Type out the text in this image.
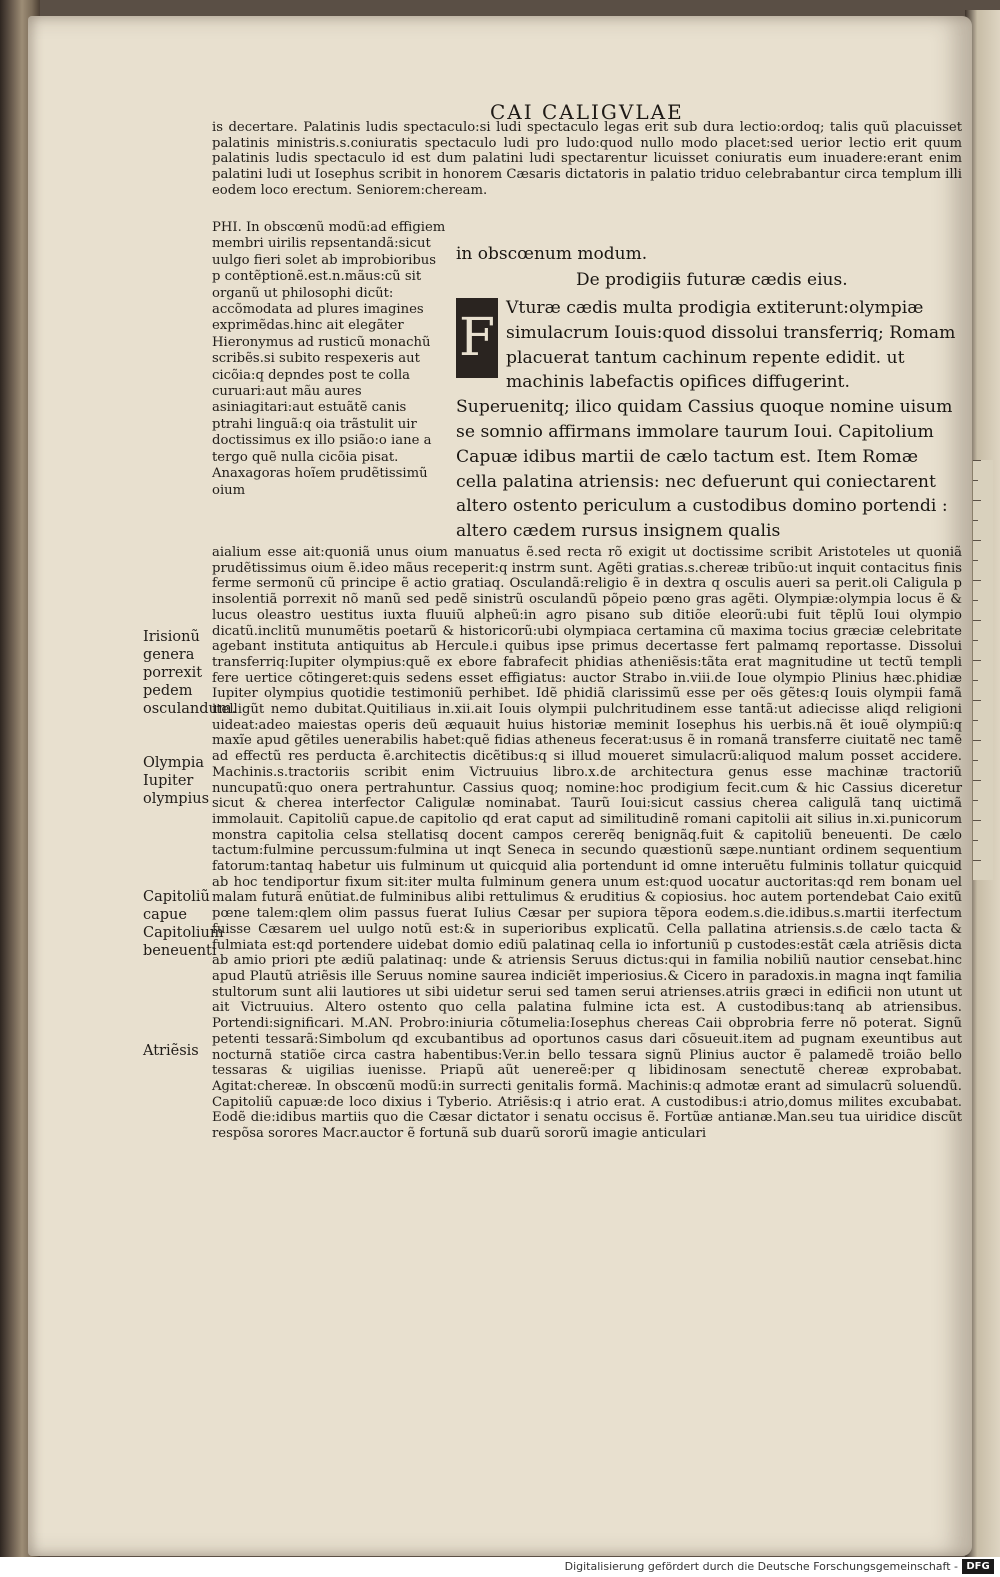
CAI CALIGVLAE

is decertare. Palatinis ludis spectaculo:si ludi spectaculo legas erit sub dura lectio:ordoq; talis quũ placuisset palatinis ministris.s.coniuratis spectaculo ludi pro ludo:quod nullo modo placet:sed uerior lectio erit quum palatinis ludis spectaculo id est dum palatini ludi spectarentur licuisset coniuratis eum inuadere:erant enim palatini ludi ut Iosephus scribit in honorem Cæsaris dictatoris in palatio triduo celebrabantur circa templum illi eodem loco erectum. Seniorem:cheream.

PHI. In obscœnũ modũ:ad effigiem membri uirilis repsentandã:sicut uulgo fieri solet ab improbioribus p contẽptionẽ.est.n.mãus:cũ sit organũ ut philosophi dicũt: accõmodata ad plures imagines exprimẽdas.hinc ait elegãter Hieronymus ad rusticũ monachũ scribẽs.si subito respexeris aut cicõia:q depndes post te colla curuari:aut mãu aures asiniagitari:aut estuãtẽ canis ptrahi linguã:q oia trãstulit uir doctissimus ex illo psião:o iane a tergo quẽ nulla cicõia pisat. Anaxagoras hoĩem prudẽtissimũ oium
in obscœnum modum.
De prodigiis futuræ cædis eius.
F Vturæ cædis multa prodigia extiterunt:olympiæ simulacrum Iouis:quod dissolui transferriq; Romam placuerat tantum cachinum repente edidit. ut machinis labefactis opifices diffugerint. Superuenitq; ilico quidam Cassius quoque nomine uisum se somnio affirmans immolare taurum Ioui. Capitolium Capuæ idibus martii de cælo tactum est. Item Romæ cella palatina atriensis: nec defuerunt qui coniectarent altero ostento periculum a custodibus domino portendi : altero cædem rursus insignem qualis
aialium esse ait:quoniã unus oium manuatus ẽ.sed recta rõ exigit ut doctissime scribit Aristoteles ut quoniã prudẽtissimus oium ẽ.ideo mãus receperit:q instrm sunt. Agẽti gratias.s.chereæ tribũo:ut inquit contacitus finis ferme sermonũ cũ principe ẽ actio gratiaq. Osculandã:religio ẽ in dextra q osculis aueri sa perit.oli Caligula p insolentiã porrexit nõ manũ sed pedẽ sinistrũ osculandũ põpeio pœno gras agẽti. Olympiæ:olympia locus ẽ & lucus oleastro uestitus iuxta fluuiũ alpheũ:in agro pisano sub ditiõe eleorũ:ubi fuit tẽplũ Ioui olympio dicatũ.inclitũ munumẽtis poetarũ & historicorũ:ubi olympiaca certamina cũ maxima tocius græciæ celebritate agebant instituta antiquitus ab Hercule.i quibus ipse primus decertasse fert palmamq reportasse. Dissolui transferriq:Iupiter olympius:quẽ ex ebore fabrafecit phidias atheniẽsis:tãta erat magnitudine ut tectũ templi fere uertice cõtingeret:quis sedens esset effigiatus: auctor Strabo in.viii.de Ioue olympio Plinius hæc.phidiæ Iupiter olympius quotidie testimoniũ perhibet. Idẽ phidiã clarissimũ esse per oẽs gẽtes:q Iouis olympii famã itelligũt nemo dubitat.Quitiliaus in.xii.ait Iouis olympii pulchritudinem esse tantã:ut adiecisse aliqd religioni uideat:adeo maiestas operis deũ æquauit huius historiæ meminit Iosephus his uerbis.nã ẽt iouẽ olympiũ:q maxĩe apud gẽtiles uenerabilis habet:quẽ fidias atheneus fecerat:usus ẽ in romanã transferre ciuitatẽ nec tamẽ ad effectũ res perducta ẽ.architectis dicẽtibus:q si illud moueret simulacrũ:aliquod malum posset accidere. Machinis.s.tractoriis scribit enim Victruuius libro.x.de architectura genus esse machinæ tractoriũ nuncupatũ:quo onera pertrahuntur. Cassius quoq; nomine:hoc prodigium fecit.cum & hic Cassius diceretur sicut & cherea interfector Caligulæ nominabat. Taurũ Ioui:sicut cassius cherea caligulã tanq uictimã immolauit. Capitoliũ capue.de capitolio qd erat caput ad similitudinẽ romani capitolii ait silius in.xi.punicorum monstra capitolia celsa stellatisq docent campos cererẽq benignãq.fuit & capitoliũ beneuenti. De cælo tactum:fulmine percussum:fulmina ut inqt Seneca in secundo quæstionũ sæpe.nuntiant ordinem sequentium fatorum:tantaq habetur uis fulminum ut quicquid alia portendunt id omne interuẽtu fulminis tollatur quicquid ab hoc tendiportur fixum sit:iter multa fulminum genera unum est:quod uocatur auctoritas:qd rem bonam uel malam futurã enũtiat.de fulminibus alibi rettulimus & eruditius & copiosius. hoc autem portendebat Caio exitũ pœne talem:qlem olim passus fuerat Iulius Cæsar per supiora tẽpora eodem.s.die.idibus.s.martii iterfectum fuisse Cæsarem uel uulgo notũ est:& in superioribus explicatũ. Cella pallatina atriensis.s.de cælo tacta & fulmiata est:qd portendere uidebat domio ediũ palatinaq cella io infortuniũ p custodes:estãt cæla atriẽsis dicta ab amio priori pte ædiũ palatinaq: unde & atriensis Seruus dictus:qui in familia nobiliũ nautior censebat.hinc apud Plautũ atriẽsis ille Seruus nomine saurea indiciẽt imperiosius.& Cicero in paradoxis.in magna inqt familia stultorum sunt alii lautiores ut sibi uidetur serui sed tamen serui atrienses.atriis græci in edificii non utunt ut ait Victruuius. Altero ostento quo cella palatina fulmine icta est. A custodibus:tanq ab atriensibus. Portendi:significari. M.AN. Probro:iniuria cõtumelia:Iosephus chereas Caii obprobria ferre nõ poterat. Signũ petenti tessarã:Simbolum qd excubantibus ad oportunos casus dari cõsueuit.item ad pugnam exeuntibus aut nocturnã statiõe circa castra habentibus:Ver.in bello tessara signũ Plinius auctor ẽ palamedẽ troião bello tessaras & uigilias iuenisse. Priapũ aũt uenereẽ:per q libidinosam senectutẽ chereæ exprobabat. Agitat:chereæ. In obscœnũ modũ:in surrecti genitalis formã. Machinis:q admotæ erant ad simulacrũ soluendũ. Capitoliũ capuæ:de loco dixius i Tyberio. Atriẽsis:q i atrio erat. A custodibus:i atrio,domus milites excubabat. Eodẽ die:idibus martiis quo die Cæsar dictator i senatu occisus ẽ. Fortũæ antianæ.Man.seu tua uiridice discũt respõsa sorores Macr.auctor ẽ fortunã sub duarũ sororũ imagie anticulari
Irisionũ genera porrexit pedem osculandum.
Olympia Iupiter olympius
Capitoliũ capue Capitolium beneuenti
Atriẽsis
Digitalisierung gefördert durch die Deutsche Forschungsgemeinschaft - DFG
